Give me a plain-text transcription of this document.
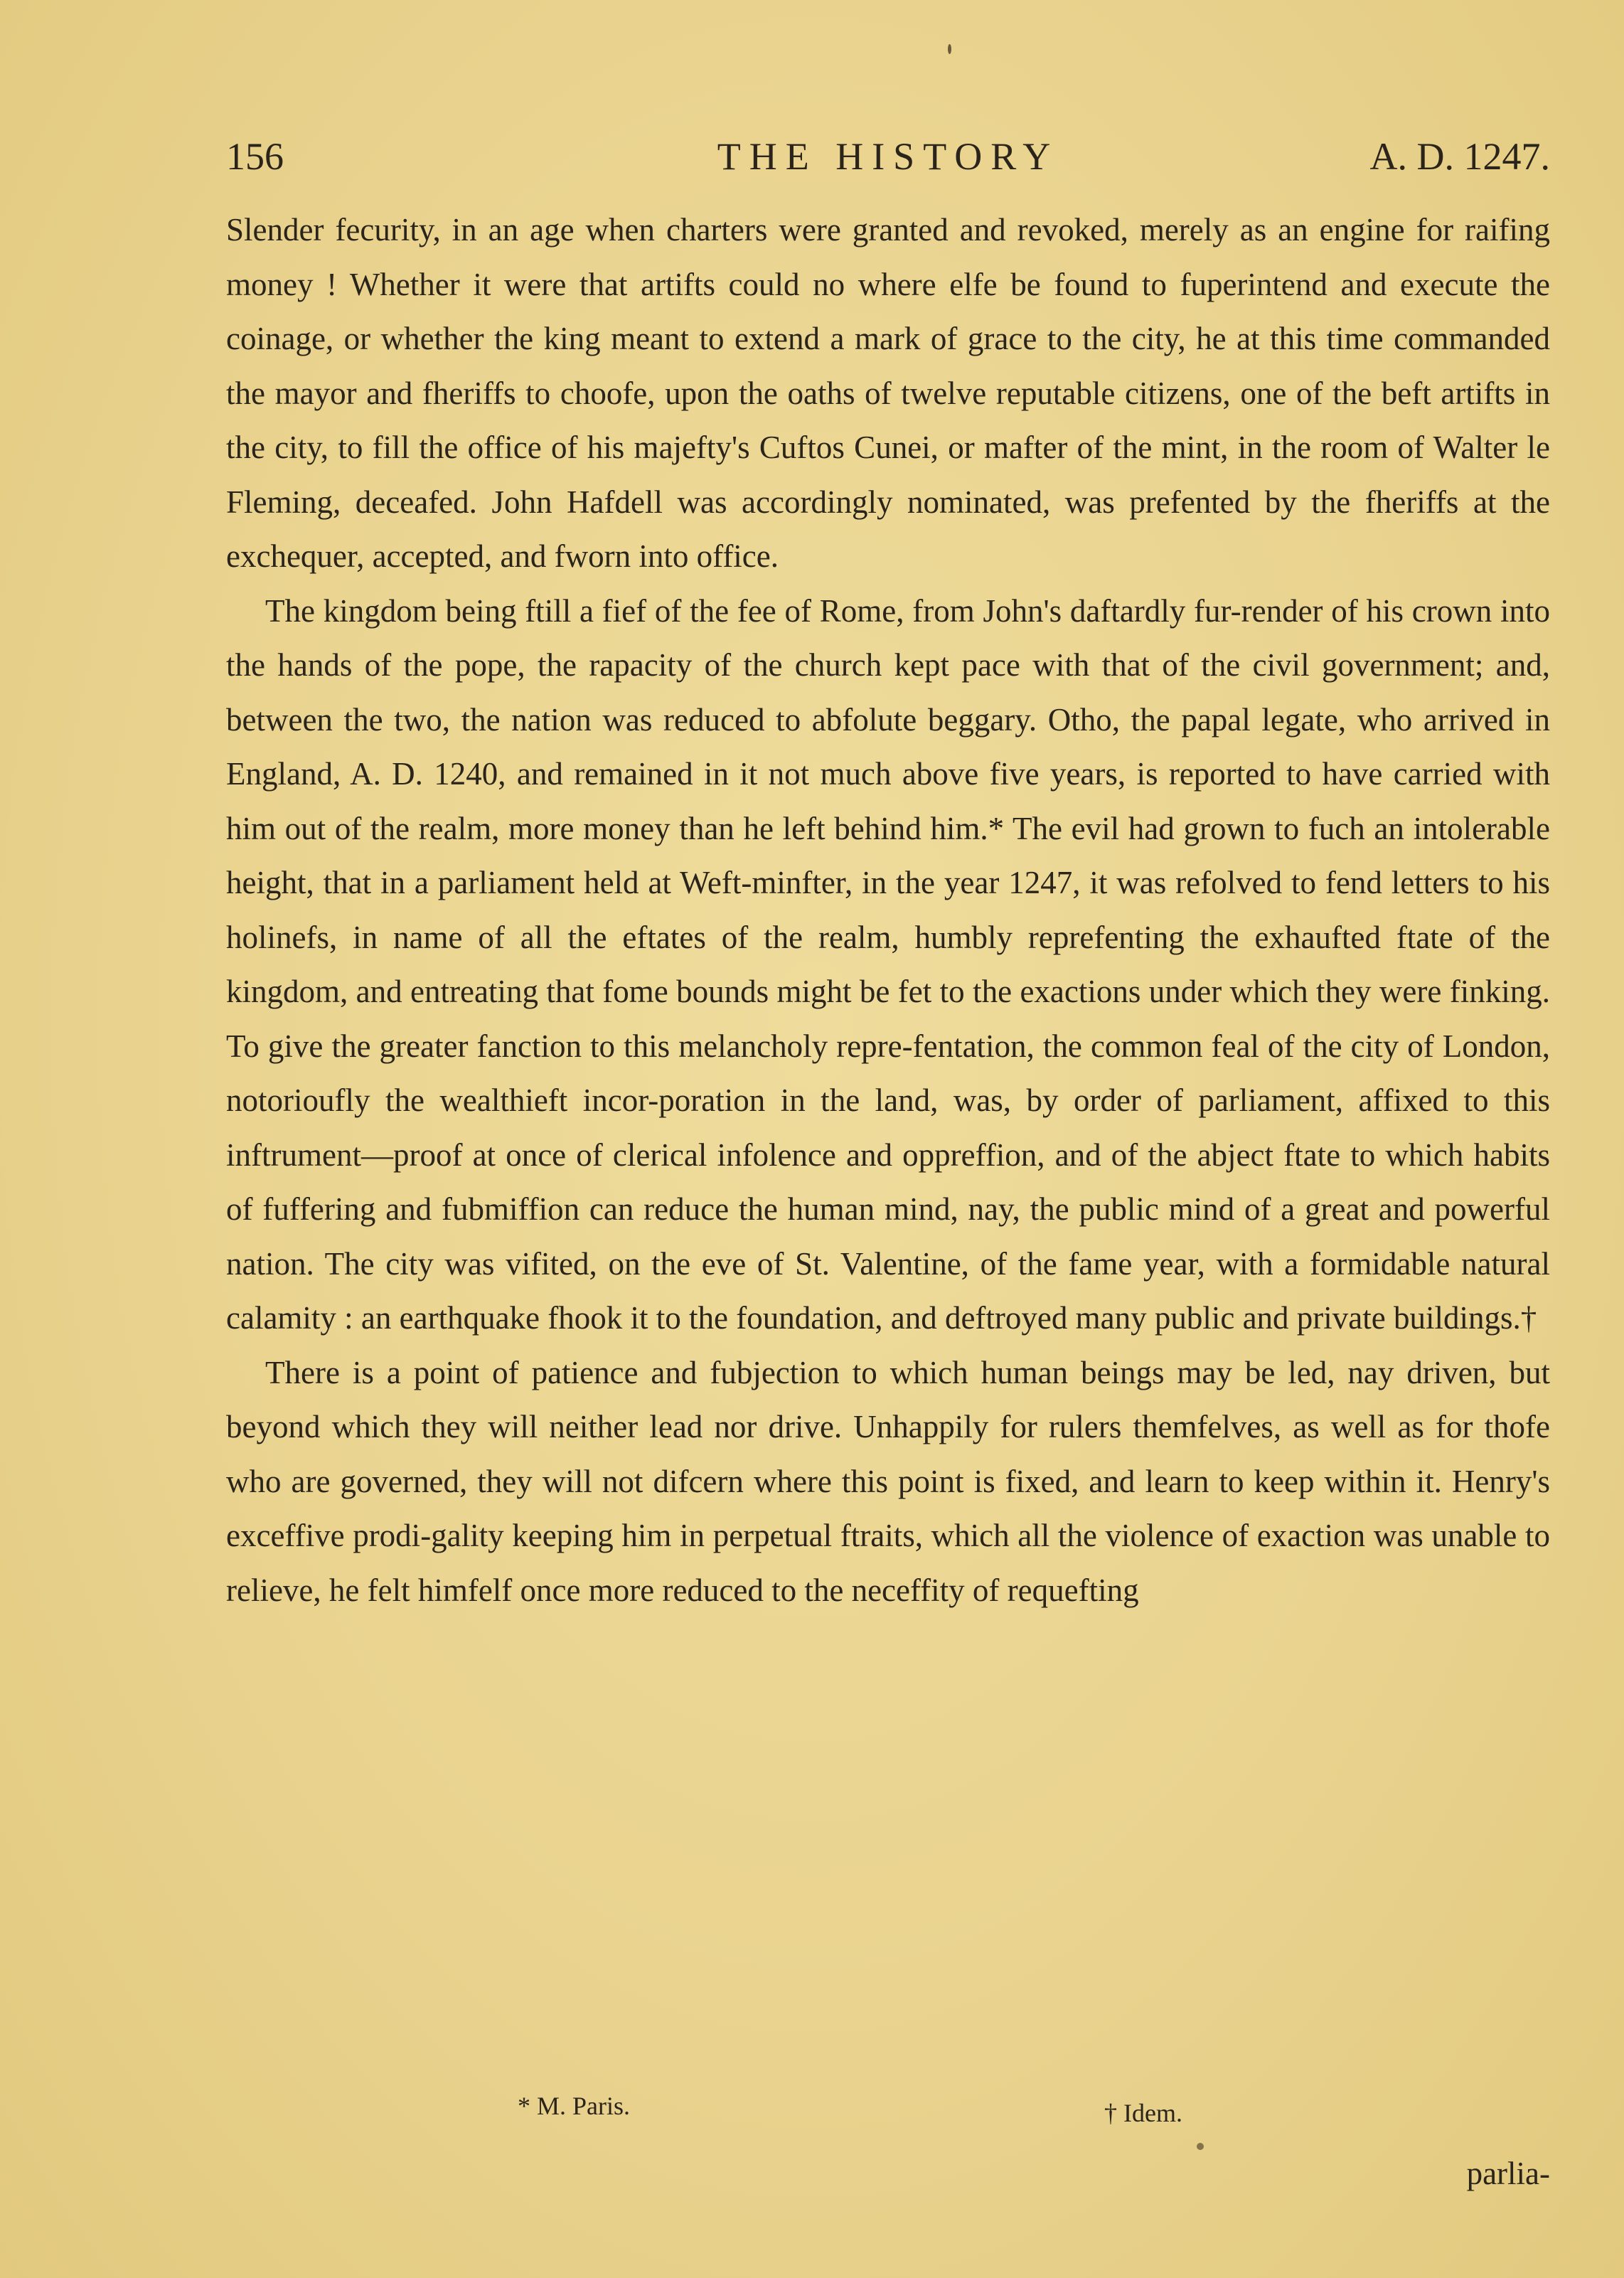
156	THE HISTORY	A. D. 1247.

Slender fecurity, in an age when charters were granted and revoked, merely as an engine for raifing money ! Whether it were that artifts could no where elfe be found to fuperintend and execute the coinage, or whether the king meant to extend a mark of grace to the city, he at this time commanded the mayor and fheriffs to choofe, upon the oaths of twelve reputable citizens, one of the beft artifts in the city, to fill the office of his majefty's Cuftos Cunei, or mafter of the mint, in the room of Walter le Fleming, deceafed. John Hafdell was accordingly nominated, was prefented by the fheriffs at the exchequer, accepted, and fworn into office.

The kingdom being ftill a fief of the fee of Rome, from John's daftardly fur-render of his crown into the hands of the pope, the rapacity of the church kept pace with that of the civil government; and, between the two, the nation was reduced to abfolute beggary. Otho, the papal legate, who arrived in England, A. D. 1240, and remained in it not much above five years, is reported to have carried with him out of the realm, more money than he left behind him.* The evil had grown to fuch an intolerable height, that in a parliament held at Weft-minfter, in the year 1247, it was refolved to fend letters to his holinefs, in name of all the eftates of the realm, humbly reprefenting the exhaufted ftate of the kingdom, and entreating that fome bounds might be fet to the exactions under which they were finking. To give the greater fanction to this melancholy repre-fentation, the common feal of the city of London, notorioufly the wealthieft incor-poration in the land, was, by order of parliament, affixed to this inftrument—proof at once of clerical infolence and oppreffion, and of the abject ftate to which habits of fuffering and fubmiffion can reduce the human mind, nay, the public mind of a great and powerful nation. The city was vifited, on the eve of St. Valentine, of the fame year, with a formidable natural calamity : an earthquake fhook it to the foundation, and deftroyed many public and private buildings.†

There is a point of patience and fubjection to which human beings may be led, nay driven, but beyond which they will neither lead nor drive. Unhappily for rulers themfelves, as well as for thofe who are governed, they will not difcern where this point is fixed, and learn to keep within it. Henry's exceffive prodi-gality keeping him in perpetual ftraits, which all the violence of exaction was unable to relieve, he felt himfelf once more reduced to the neceffity of requefting

* M. Paris.	† Idem.
parlia-
